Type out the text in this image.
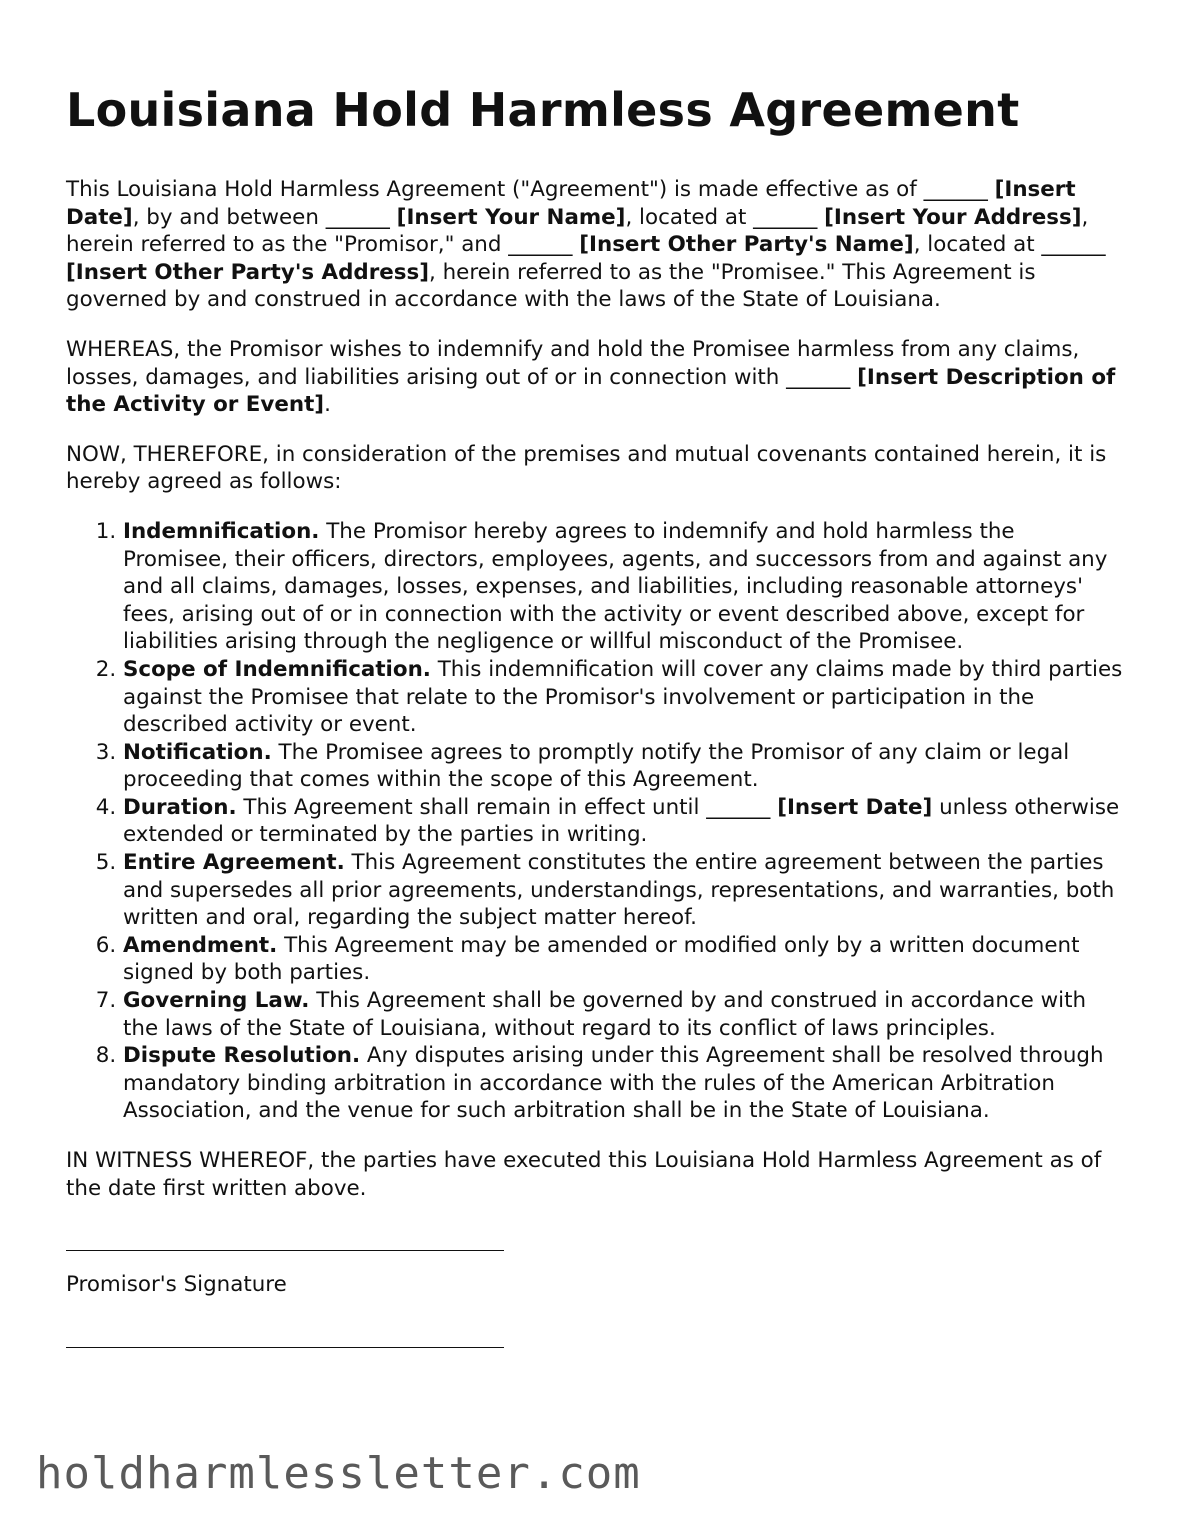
Louisiana Hold Harmless Agreement

This Louisiana Hold Harmless Agreement ("Agreement") is made effective as of ______ [Insert Date], by and between ______ [Insert Your Name], located at ______ [Insert Your Address], herein referred to as the "Promisor," and ______ [Insert Other Party's Name], located at ______ [Insert Other Party's Address], herein referred to as the "Promisee." This Agreement is governed by and construed in accordance with the laws of the State of Louisiana.

WHEREAS, the Promisor wishes to indemnify and hold the Promisee harmless from any claims, losses, damages, and liabilities arising out of or in connection with ______ [Insert Description of the Activity or Event].

NOW, THEREFORE, in consideration of the premises and mutual covenants contained herein, it is hereby agreed as follows:

1. Indemnification. The Promisor hereby agrees to indemnify and hold harmless the Promisee, their officers, directors, employees, agents, and successors from and against any and all claims, damages, losses, expenses, and liabilities, including reasonable attorneys' fees, arising out of or in connection with the activity or event described above, except for liabilities arising through the negligence or willful misconduct of the Promisee.
2. Scope of Indemnification. This indemnification will cover any claims made by third parties against the Promisee that relate to the Promisor's involvement or participation in the described activity or event.
3. Notification. The Promisee agrees to promptly notify the Promisor of any claim or legal proceeding that comes within the scope of this Agreement.
4. Duration. This Agreement shall remain in effect until ______ [Insert Date] unless otherwise extended or terminated by the parties in writing.
5. Entire Agreement. This Agreement constitutes the entire agreement between the parties and supersedes all prior agreements, understandings, representations, and warranties, both written and oral, regarding the subject matter hereof.
6. Amendment. This Agreement may be amended or modified only by a written document signed by both parties.
7. Governing Law. This Agreement shall be governed by and construed in accordance with the laws of the State of Louisiana, without regard to its conflict of laws principles.
8. Dispute Resolution. Any disputes arising under this Agreement shall be resolved through mandatory binding arbitration in accordance with the rules of the American Arbitration Association, and the venue for such arbitration shall be in the State of Louisiana.

IN WITNESS WHEREOF, the parties have executed this Louisiana Hold Harmless Agreement as of the date first written above.

Promisor's Signature
holdharmlessletter.com
